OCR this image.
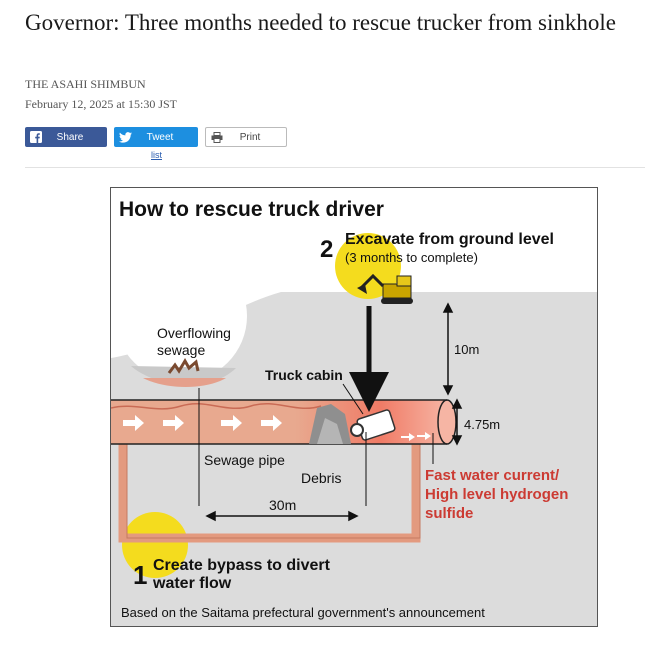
Governor: Three months needed to rescue trucker from sinkhole

THE ASAHI SHIMBUN

February 12, 2025 at 15:30 JST

Share	Tweet	Print
list
How to rescue truck driver
2 Excavate from ground level
(3 months to complete)
Overflowing
sewage
Truck cabin
10m
4.75m
Sewage pipe
Debris
30m
Fast water current/
High level hydrogen
sulfide
1 Create bypass to divert
water flow
Based on the Saitama prefectural government's announcement
